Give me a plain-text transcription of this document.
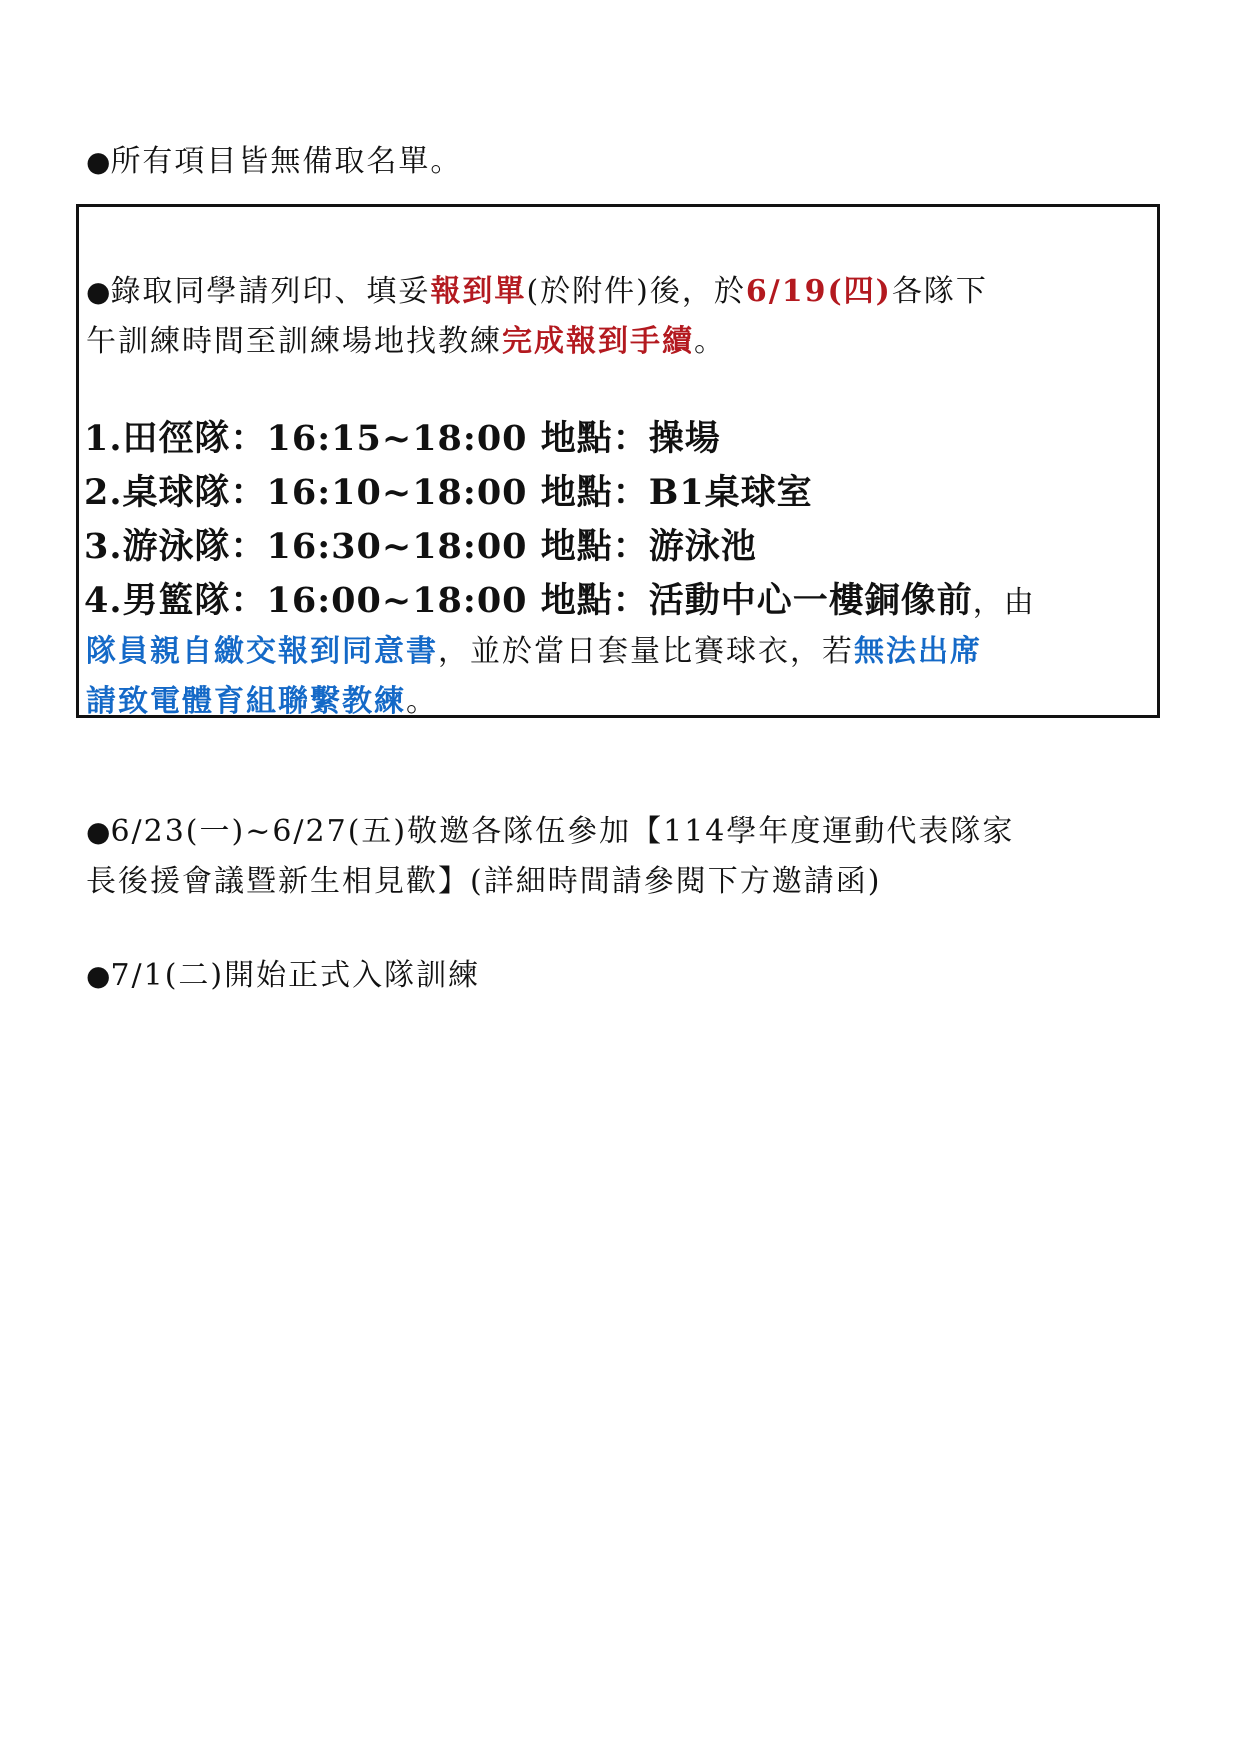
●所有項目皆無備取名單。
●錄取同學請列印、填妥報到單(於附件)後，於6/19(四)各隊下
午訓練時間至訓練場地找教練完成報到手續。
1.田徑隊：16:15~18:00 地點：操場
2.桌球隊：16:10~18:00 地點：B1桌球室
3.游泳隊：16:30~18:00 地點：游泳池
4.男籃隊：16:00~18:00 地點：活動中心一樓銅像前，由
隊員親自繳交報到同意書，並於當日套量比賽球衣，若無法出席
請致電體育組聯繫教練。
●6/23(一)~6/27(五)敬邀各隊伍參加【114學年度運動代表隊家
長後援會議暨新生相見歡】(詳細時間請參閱下方邀請函)
●7/1(二)開始正式入隊訓練
